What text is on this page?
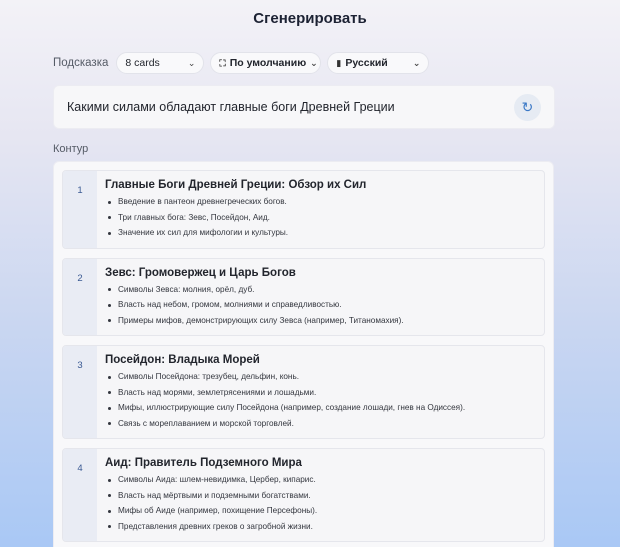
Сгенерировать
Подсказка 8 cards	⌄	⛶ По умолчанию ⌄ ▮ Русский	⌄
Какими силами обладают главные боги Древней Греции	↻
Контур
1	Главные Боги Древней Греции: Обзор их Сил
Введение в пантеон древнегреческих богов.
Три главных бога: Зевс, Посейдон, Аид.
Значение их сил для мифологии и культуры.
2	Зевс: Громовержец и Царь Богов
Символы Зевса: молния, орёл, дуб.
Власть над небом, громом, молниями и справедливостью.
Примеры мифов, демонстрирующих силу Зевса (например, Титаномахия).
3	Посейдон: Владыка Морей
Символы Посейдона: трезубец, дельфин, конь.
Власть над морями, землетрясениями и лошадьми.
Мифы, иллюстрирующие силу Посейдона (например, создание лошади, гнев на Одиссея).
Связь с мореплаванием и морской торговлей.
4	Аид: Правитель Подземного Мира
Символы Аида: шлем-невидимка, Цербер, кипарис.
Власть над мёртвыми и подземными богатствами.
Мифы об Аиде (например, похищение Персефоны).
Представления древних греков о загробной жизни.
